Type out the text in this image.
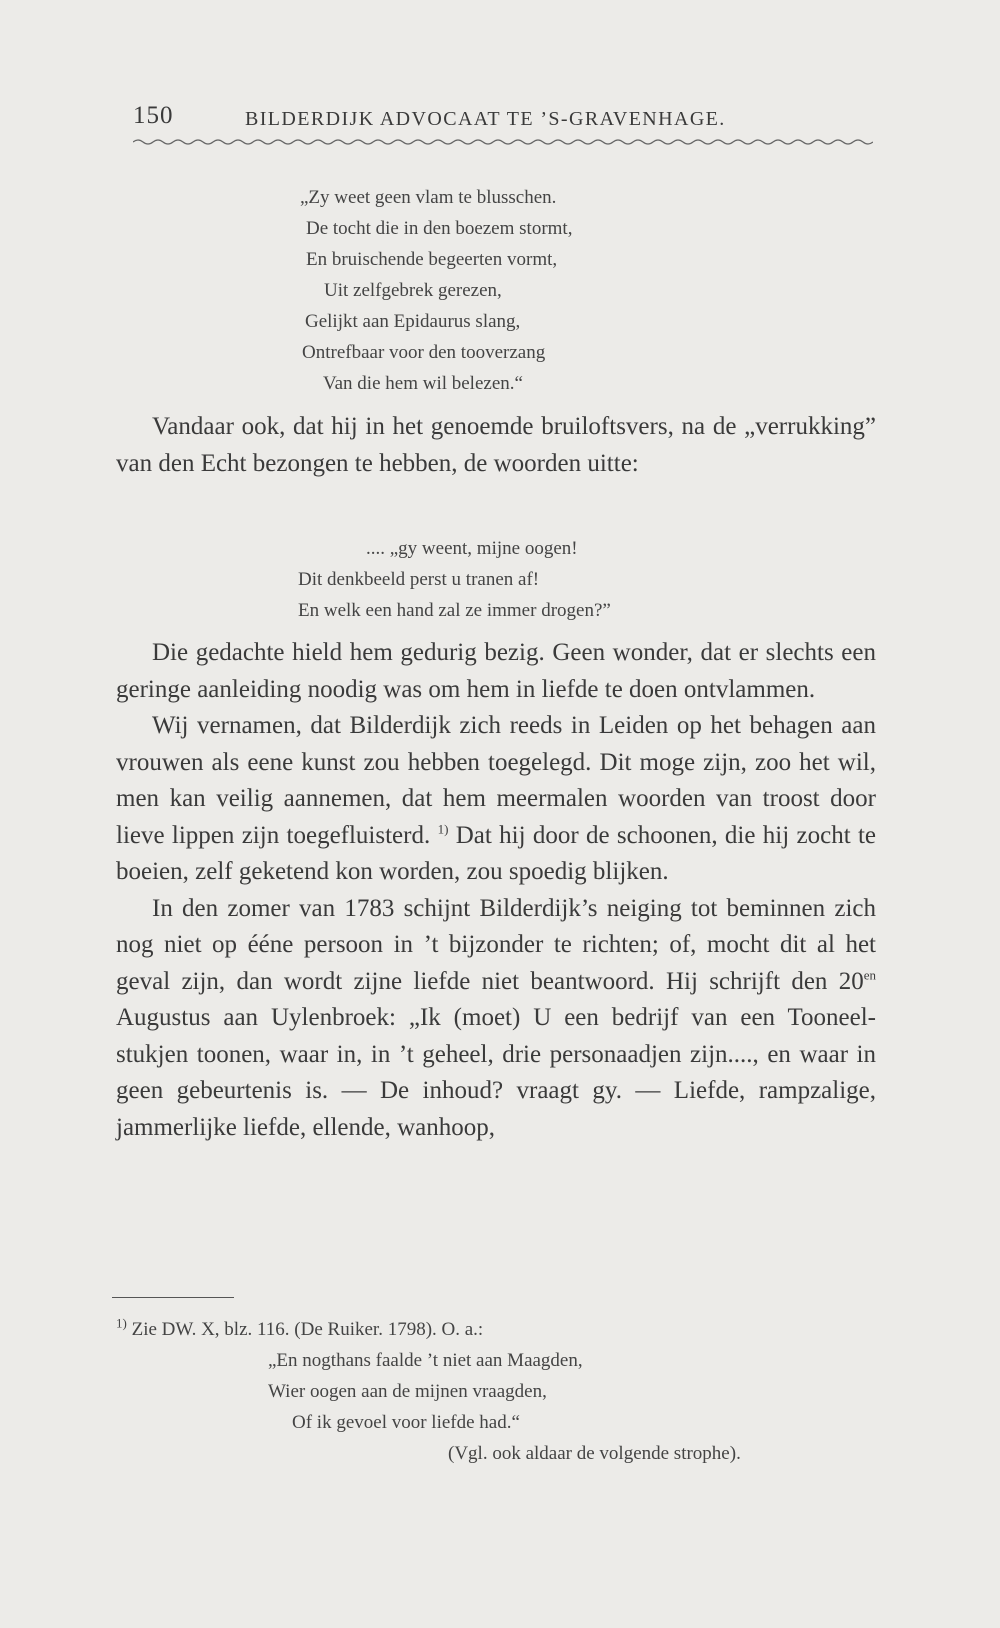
150	BILDERDIJK ADVOCAAT TE ’S-GRAVENHAGE.
„Zy weet geen vlam te blusschen.
De tocht die in den boezem stormt,
En bruischende begeerten vormt,
Uit zelfgebrek gerezen,
Gelijkt aan Epidaurus slang,
Ontrefbaar voor den tooverzang
Van die hem wil belezen.“

Vandaar ook, dat hij in het genoemde bruiloftsvers, na de „verrukking” van den Echt bezongen te hebben, de woorden uitte:

.... „gy weent, mijne oogen!
Dit denkbeeld perst u tranen af!
En welk een hand zal ze immer drogen?”

Die gedachte hield hem gedurig bezig. Geen wonder, dat er slechts een geringe aanleiding noodig was om hem in liefde te doen ontvlammen.

Wij vernamen, dat Bilderdijk zich reeds in Leiden op het behagen aan vrouwen als eene kunst zou hebben toegelegd. Dit moge zijn, zoo het wil, men kan veilig aannemen, dat hem meermalen woorden van troost door lieve lippen zijn toegefluisterd. $^{1)}$ Dat hij door de schoonen, die hij zocht te boeien, zelf geketend kon worden, zou spoedig blijken.

In den zomer van 1783 schijnt Bilderdijk’s neiging tot beminnen zich nog niet op ééne persoon in ’t bijzonder te richten; of, mocht dit al het geval zijn, dan wordt zijne liefde niet beantwoord. Hij schrijft den $20^{en}$ Augustus aan Uylenbroek: „Ik (moet) U een bedrijf van een Tooneel-stukjen toonen, waar in, in ’t geheel, drie personaadjen zijn...., en waar in geen gebeurtenis is. — De inhoud? vraagt gy. — Liefde, rampzalige, jammerlijke liefde, ellende, wanhoop,

$^{1)}$ Zie DW. X, blz. 116. (De Ruiker. 1798). O. a.:
„En nogthans faalde ’t niet aan Maagden,
Wier oogen aan de mijnen vraagden,
Of ik gevoel voor liefde had.“
(Vgl. ook aldaar de volgende strophe).
